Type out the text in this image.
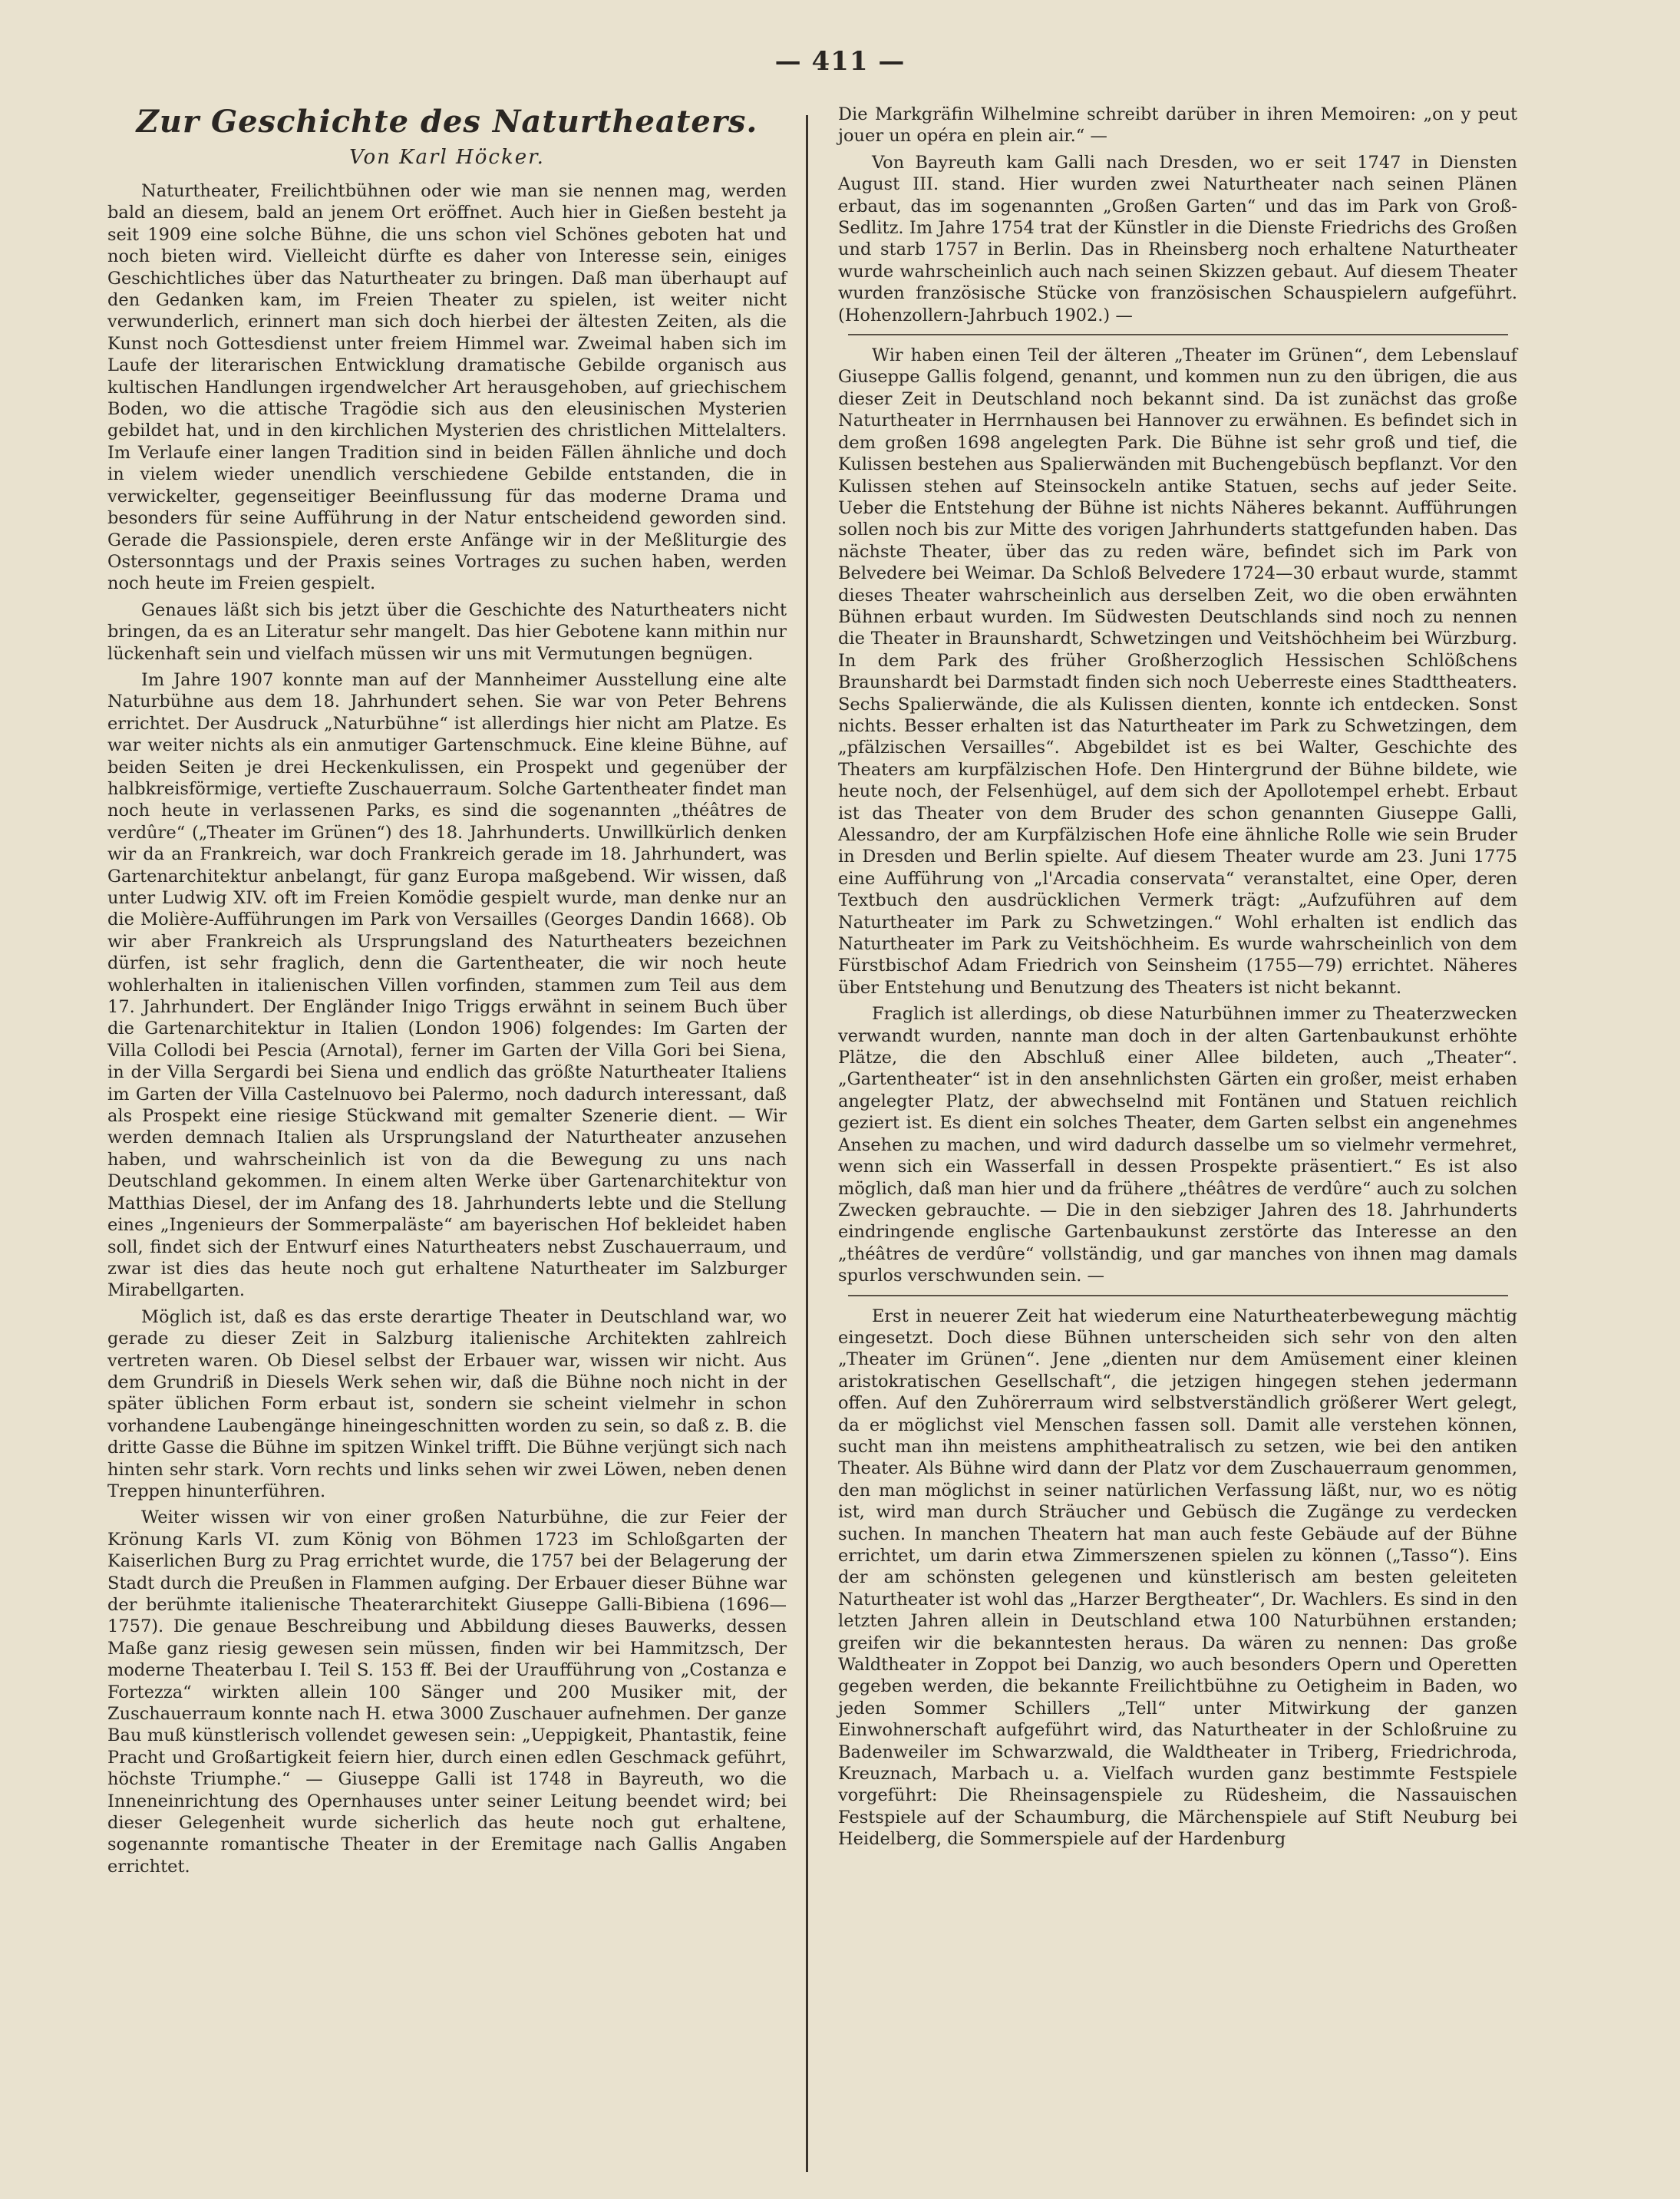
— 411 —
Zur Geschichte des Naturtheaters.
Von Karl Höcker.

Naturtheater, Freilichtbühnen oder wie man sie nennen mag, werden bald an diesem, bald an jenem Ort eröffnet. Auch hier in Gießen besteht ja seit 1909 eine solche Bühne, die uns schon viel Schönes geboten hat und noch bieten wird. Vielleicht dürfte es daher von Interesse sein, einiges Geschichtliches über das Naturtheater zu bringen. Daß man überhaupt auf den Gedanken kam, im Freien Theater zu spielen, ist weiter nicht verwunderlich, erinnert man sich doch hierbei der ältesten Zeiten, als die Kunst noch Gottesdienst unter freiem Himmel war. Zweimal haben sich im Laufe der literarischen Entwicklung dramatische Gebilde organisch aus kultischen Handlungen irgendwelcher Art herausgehoben, auf griechischem Boden, wo die attische Tragödie sich aus den eleusinischen Mysterien gebildet hat, und in den kirchlichen Mysterien des christlichen Mittelalters. Im Verlaufe einer langen Tradition sind in beiden Fällen ähnliche und doch in vielem wieder unendlich verschiedene Gebilde entstanden, die in verwickelter, gegenseitiger Beeinflussung für das moderne Drama und besonders für seine Aufführung in der Natur entscheidend geworden sind. Gerade die Passionspiele, deren erste Anfänge wir in der Meßliturgie des Ostersonntags und der Praxis seines Vortrages zu suchen haben, werden noch heute im Freien gespielt.

Genaues läßt sich bis jetzt über die Geschichte des Naturtheaters nicht bringen, da es an Literatur sehr mangelt. Das hier Gebotene kann mithin nur lückenhaft sein und vielfach müssen wir uns mit Vermutungen begnügen.

Im Jahre 1907 konnte man auf der Mannheimer Ausstellung eine alte Naturbühne aus dem 18. Jahrhundert sehen. Sie war von Peter Behrens errichtet. Der Ausdruck „Naturbühne“ ist allerdings hier nicht am Platze. Es war weiter nichts als ein anmutiger Gartenschmuck. Eine kleine Bühne, auf beiden Seiten je drei Heckenkulissen, ein Prospekt und gegenüber der halbkreisförmige, vertiefte Zuschauerraum. Solche Gartentheater findet man noch heute in verlassenen Parks, es sind die sogenannten „théâtres de verdûre“ („Theater im Grünen“) des 18. Jahrhunderts. Unwillkürlich denken wir da an Frankreich, war doch Frankreich gerade im 18. Jahrhundert, was Gartenarchitektur anbelangt, für ganz Europa maßgebend. Wir wissen, daß unter Ludwig XIV. oft im Freien Komödie gespielt wurde, man denke nur an die Molière-Aufführungen im Park von Versailles (Georges Dandin 1668). Ob wir aber Frankreich als Ursprungsland des Naturtheaters bezeichnen dürfen, ist sehr fraglich, denn die Gartentheater, die wir noch heute wohlerhalten in italienischen Villen vorfinden, stammen zum Teil aus dem 17. Jahrhundert. Der Engländer Inigo Triggs erwähnt in seinem Buch über die Gartenarchitektur in Italien (London 1906) folgendes: Im Garten der Villa Collodi bei Pescia (Arnotal), ferner im Garten der Villa Gori bei Siena, in der Villa Sergardi bei Siena und endlich das größte Naturtheater Italiens im Garten der Villa Castelnuovo bei Palermo, noch dadurch interessant, daß als Prospekt eine riesige Stückwand mit gemalter Szenerie dient. — Wir werden demnach Italien als Ursprungsland der Naturtheater anzusehen haben, und wahrscheinlich ist von da die Bewegung zu uns nach Deutschland gekommen. In einem alten Werke über Gartenarchitektur von Matthias Diesel, der im Anfang des 18. Jahrhunderts lebte und die Stellung eines „Ingenieurs der Sommerpaläste“ am bayerischen Hof bekleidet haben soll, findet sich der Entwurf eines Naturtheaters nebst Zuschauerraum, und zwar ist dies das heute noch gut erhaltene Naturtheater im Salzburger Mirabellgarten.

Möglich ist, daß es das erste derartige Theater in Deutschland war, wo gerade zu dieser Zeit in Salzburg italienische Architekten zahlreich vertreten waren. Ob Diesel selbst der Erbauer war, wissen wir nicht. Aus dem Grundriß in Diesels Werk sehen wir, daß die Bühne noch nicht in der später üblichen Form erbaut ist, sondern sie scheint vielmehr in schon vorhandene Laubengänge hineingeschnitten worden zu sein, so daß z. B. die dritte Gasse die Bühne im spitzen Winkel trifft. Die Bühne verjüngt sich nach hinten sehr stark. Vorn rechts und links sehen wir zwei Löwen, neben denen Treppen hinunterführen.

Weiter wissen wir von einer großen Naturbühne, die zur Feier der Krönung Karls VI. zum König von Böhmen 1723 im Schloßgarten der Kaiserlichen Burg zu Prag errichtet wurde, die 1757 bei der Belagerung der Stadt durch die Preußen in Flammen aufging. Der Erbauer dieser Bühne war der berühmte italienische Theaterarchitekt Giuseppe Galli-Bibiena (1696—1757). Die genaue Beschreibung und Abbildung dieses Bauwerks, dessen Maße ganz riesig gewesen sein müssen, finden wir bei Hammitzsch, Der moderne Theaterbau I. Teil S. 153 ff. Bei der Uraufführung von „Costanza e Fortezza“ wirkten allein 100 Sänger und 200 Musiker mit, der Zuschauerraum konnte nach H. etwa 3000 Zuschauer aufnehmen. Der ganze Bau muß künstlerisch vollendet gewesen sein: „Ueppigkeit, Phantastik, feine Pracht und Großartigkeit feiern hier, durch einen edlen Geschmack geführt, höchste Triumphe.“ — Giuseppe Galli ist 1748 in Bayreuth, wo die Inneneinrichtung des Opernhauses unter seiner Leitung beendet wird; bei dieser Gelegenheit wurde sicherlich das heute noch gut erhaltene, sogenannte romantische Theater in der Eremitage nach Gallis Angaben errichtet.

Die Markgräfin Wilhelmine schreibt darüber in ihren Memoiren: „on y peut jouer un opéra en plein air.“ —

Von Bayreuth kam Galli nach Dresden, wo er seit 1747 in Diensten August III. stand. Hier wurden zwei Naturtheater nach seinen Plänen erbaut, das im sogenannten „Großen Garten“ und das im Park von Groß-Sedlitz. Im Jahre 1754 trat der Künstler in die Dienste Friedrichs des Großen und starb 1757 in Berlin. Das in Rheinsberg noch erhaltene Naturtheater wurde wahrscheinlich auch nach seinen Skizzen gebaut. Auf diesem Theater wurden französische Stücke von französischen Schauspielern aufgeführt. (Hohenzollern-Jahrbuch 1902.) —

Wir haben einen Teil der älteren „Theater im Grünen“, dem Lebenslauf Giuseppe Gallis folgend, genannt, und kommen nun zu den übrigen, die aus dieser Zeit in Deutschland noch bekannt sind. Da ist zunächst das große Naturtheater in Herrnhausen bei Hannover zu erwähnen. Es befindet sich in dem großen 1698 angelegten Park. Die Bühne ist sehr groß und tief, die Kulissen bestehen aus Spalierwänden mit Buchengebüsch bepflanzt. Vor den Kulissen stehen auf Steinsockeln antike Statuen, sechs auf jeder Seite. Ueber die Entstehung der Bühne ist nichts Näheres bekannt. Aufführungen sollen noch bis zur Mitte des vorigen Jahrhunderts stattgefunden haben. Das nächste Theater, über das zu reden wäre, befindet sich im Park von Belvedere bei Weimar. Da Schloß Belvedere 1724—30 erbaut wurde, stammt dieses Theater wahrscheinlich aus derselben Zeit, wo die oben erwähnten Bühnen erbaut wurden. Im Südwesten Deutschlands sind noch zu nennen die Theater in Braunshardt, Schwetzingen und Veitshöchheim bei Würzburg. In dem Park des früher Großherzoglich Hessischen Schlößchens Braunshardt bei Darmstadt finden sich noch Ueberreste eines Stadttheaters. Sechs Spalierwände, die als Kulissen dienten, konnte ich entdecken. Sonst nichts. Besser erhalten ist das Naturtheater im Park zu Schwetzingen, dem „pfälzischen Versailles“. Abgebildet ist es bei Walter, Geschichte des Theaters am kurpfälzischen Hofe. Den Hintergrund der Bühne bildete, wie heute noch, der Felsenhügel, auf dem sich der Apollotempel erhebt. Erbaut ist das Theater von dem Bruder des schon genannten Giuseppe Galli, Alessandro, der am Kurpfälzischen Hofe eine ähnliche Rolle wie sein Bruder in Dresden und Berlin spielte. Auf diesem Theater wurde am 23. Juni 1775 eine Aufführung von „l'Arcadia conservata“ veranstaltet, eine Oper, deren Textbuch den ausdrücklichen Vermerk trägt: „Aufzuführen auf dem Naturtheater im Park zu Schwetzingen.“ Wohl erhalten ist endlich das Naturtheater im Park zu Veitshöchheim. Es wurde wahrscheinlich von dem Fürstbischof Adam Friedrich von Seinsheim (1755—79) errichtet. Näheres über Entstehung und Benutzung des Theaters ist nicht bekannt.

Fraglich ist allerdings, ob diese Naturbühnen immer zu Theaterzwecken verwandt wurden, nannte man doch in der alten Gartenbaukunst erhöhte Plätze, die den Abschluß einer Allee bildeten, auch „Theater“. „Gartentheater“ ist in den ansehnlichsten Gärten ein großer, meist erhaben angelegter Platz, der abwechselnd mit Fontänen und Statuen reichlich geziert ist. Es dient ein solches Theater, dem Garten selbst ein angenehmes Ansehen zu machen, und wird dadurch dasselbe um so vielmehr vermehret, wenn sich ein Wasserfall in dessen Prospekte präsentiert.“ Es ist also möglich, daß man hier und da frühere „théâtres de verdûre“ auch zu solchen Zwecken gebrauchte. — Die in den siebziger Jahren des 18. Jahrhunderts eindringende englische Gartenbaukunst zerstörte das Interesse an den „théâtres de verdûre“ vollständig, und gar manches von ihnen mag damals spurlos verschwunden sein. —

Erst in neuerer Zeit hat wiederum eine Naturtheaterbewegung mächtig eingesetzt. Doch diese Bühnen unterscheiden sich sehr von den alten „Theater im Grünen“. Jene „dienten nur dem Amüsement einer kleinen aristokratischen Gesellschaft“, die jetzigen hingegen stehen jedermann offen. Auf den Zuhörerraum wird selbstverständlich größerer Wert gelegt, da er möglichst viel Menschen fassen soll. Damit alle verstehen können, sucht man ihn meistens amphitheatralisch zu setzen, wie bei den antiken Theater. Als Bühne wird dann der Platz vor dem Zuschauerraum genommen, den man möglichst in seiner natürlichen Verfassung läßt, nur, wo es nötig ist, wird man durch Sträucher und Gebüsch die Zugänge zu verdecken suchen. In manchen Theatern hat man auch feste Gebäude auf der Bühne errichtet, um darin etwa Zimmerszenen spielen zu können („Tasso“). Eins der am schönsten gelegenen und künstlerisch am besten geleiteten Naturtheater ist wohl das „Harzer Bergtheater“, Dr. Wachlers. Es sind in den letzten Jahren allein in Deutschland etwa 100 Naturbühnen erstanden; greifen wir die bekanntesten heraus. Da wären zu nennen: Das große Waldtheater in Zoppot bei Danzig, wo auch besonders Opern und Operetten gegeben werden, die bekannte Freilichtbühne zu Oetigheim in Baden, wo jeden Sommer Schillers „Tell“ unter Mitwirkung der ganzen Einwohnerschaft aufgeführt wird, das Naturtheater in der Schloßruine zu Badenweiler im Schwarzwald, die Waldtheater in Triberg, Friedrichroda, Kreuznach, Marbach u. a. Vielfach wurden ganz bestimmte Festspiele vorgeführt: Die Rheinsagenspiele zu Rüdesheim, die Nassauischen Festspiele auf der Schaumburg, die Märchenspiele auf Stift Neuburg bei Heidelberg, die Sommerspiele auf der Hardenburg
